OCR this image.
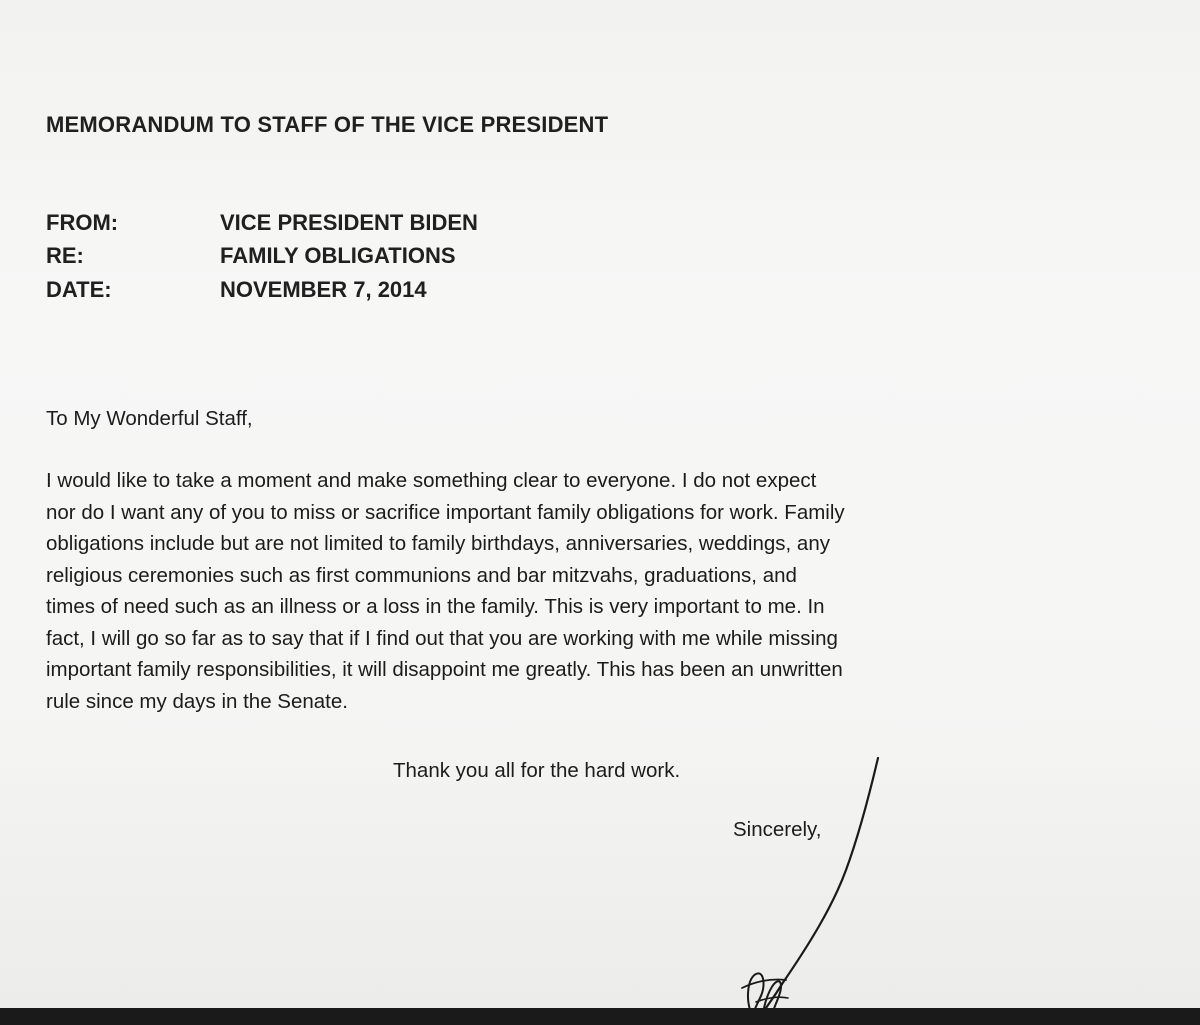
MEMORANDUM TO STAFF OF THE VICE PRESIDENT
FROM:	VICE PRESIDENT BIDEN
RE:	FAMILY OBLIGATIONS
DATE:	NOVEMBER 7, 2014
To My Wonderful Staff,
I would like to take a moment and make something clear to everyone. I do not expect
nor do I want any of you to miss or sacrifice important family obligations for work. Family
obligations include but are not limited to family birthdays, anniversaries, weddings, any
religious ceremonies such as first communions and bar mitzvahs, graduations, and
times of need such as an illness or a loss in the family. This is very important to me. In
fact, I will go so far as to say that if I find out that you are working with me while missing
important family responsibilities, it will disappoint me greatly. This has been an unwritten
rule since my days in the Senate.
Thank you all for the hard work.
Sincerely,
